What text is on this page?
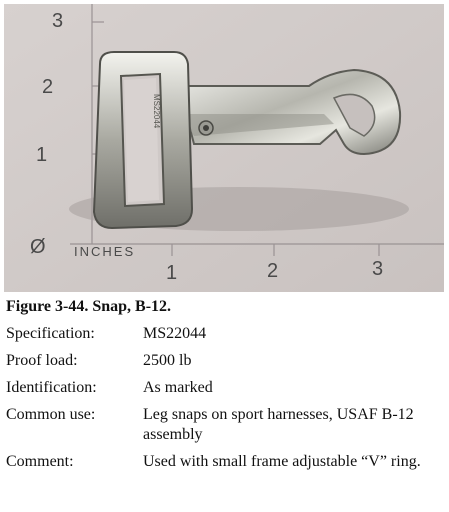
MS22044
3
2
1
Ø INCHES
1	2	3
Figure 3-44. Snap, B-12.
Specification:	MS22044
Proof load:	2500 lb
Identification:	As marked
Common use:	Leg snaps on sport harnesses, USAF B-12 assembly
Comment:	Used with small frame adjustable “V” ring.
